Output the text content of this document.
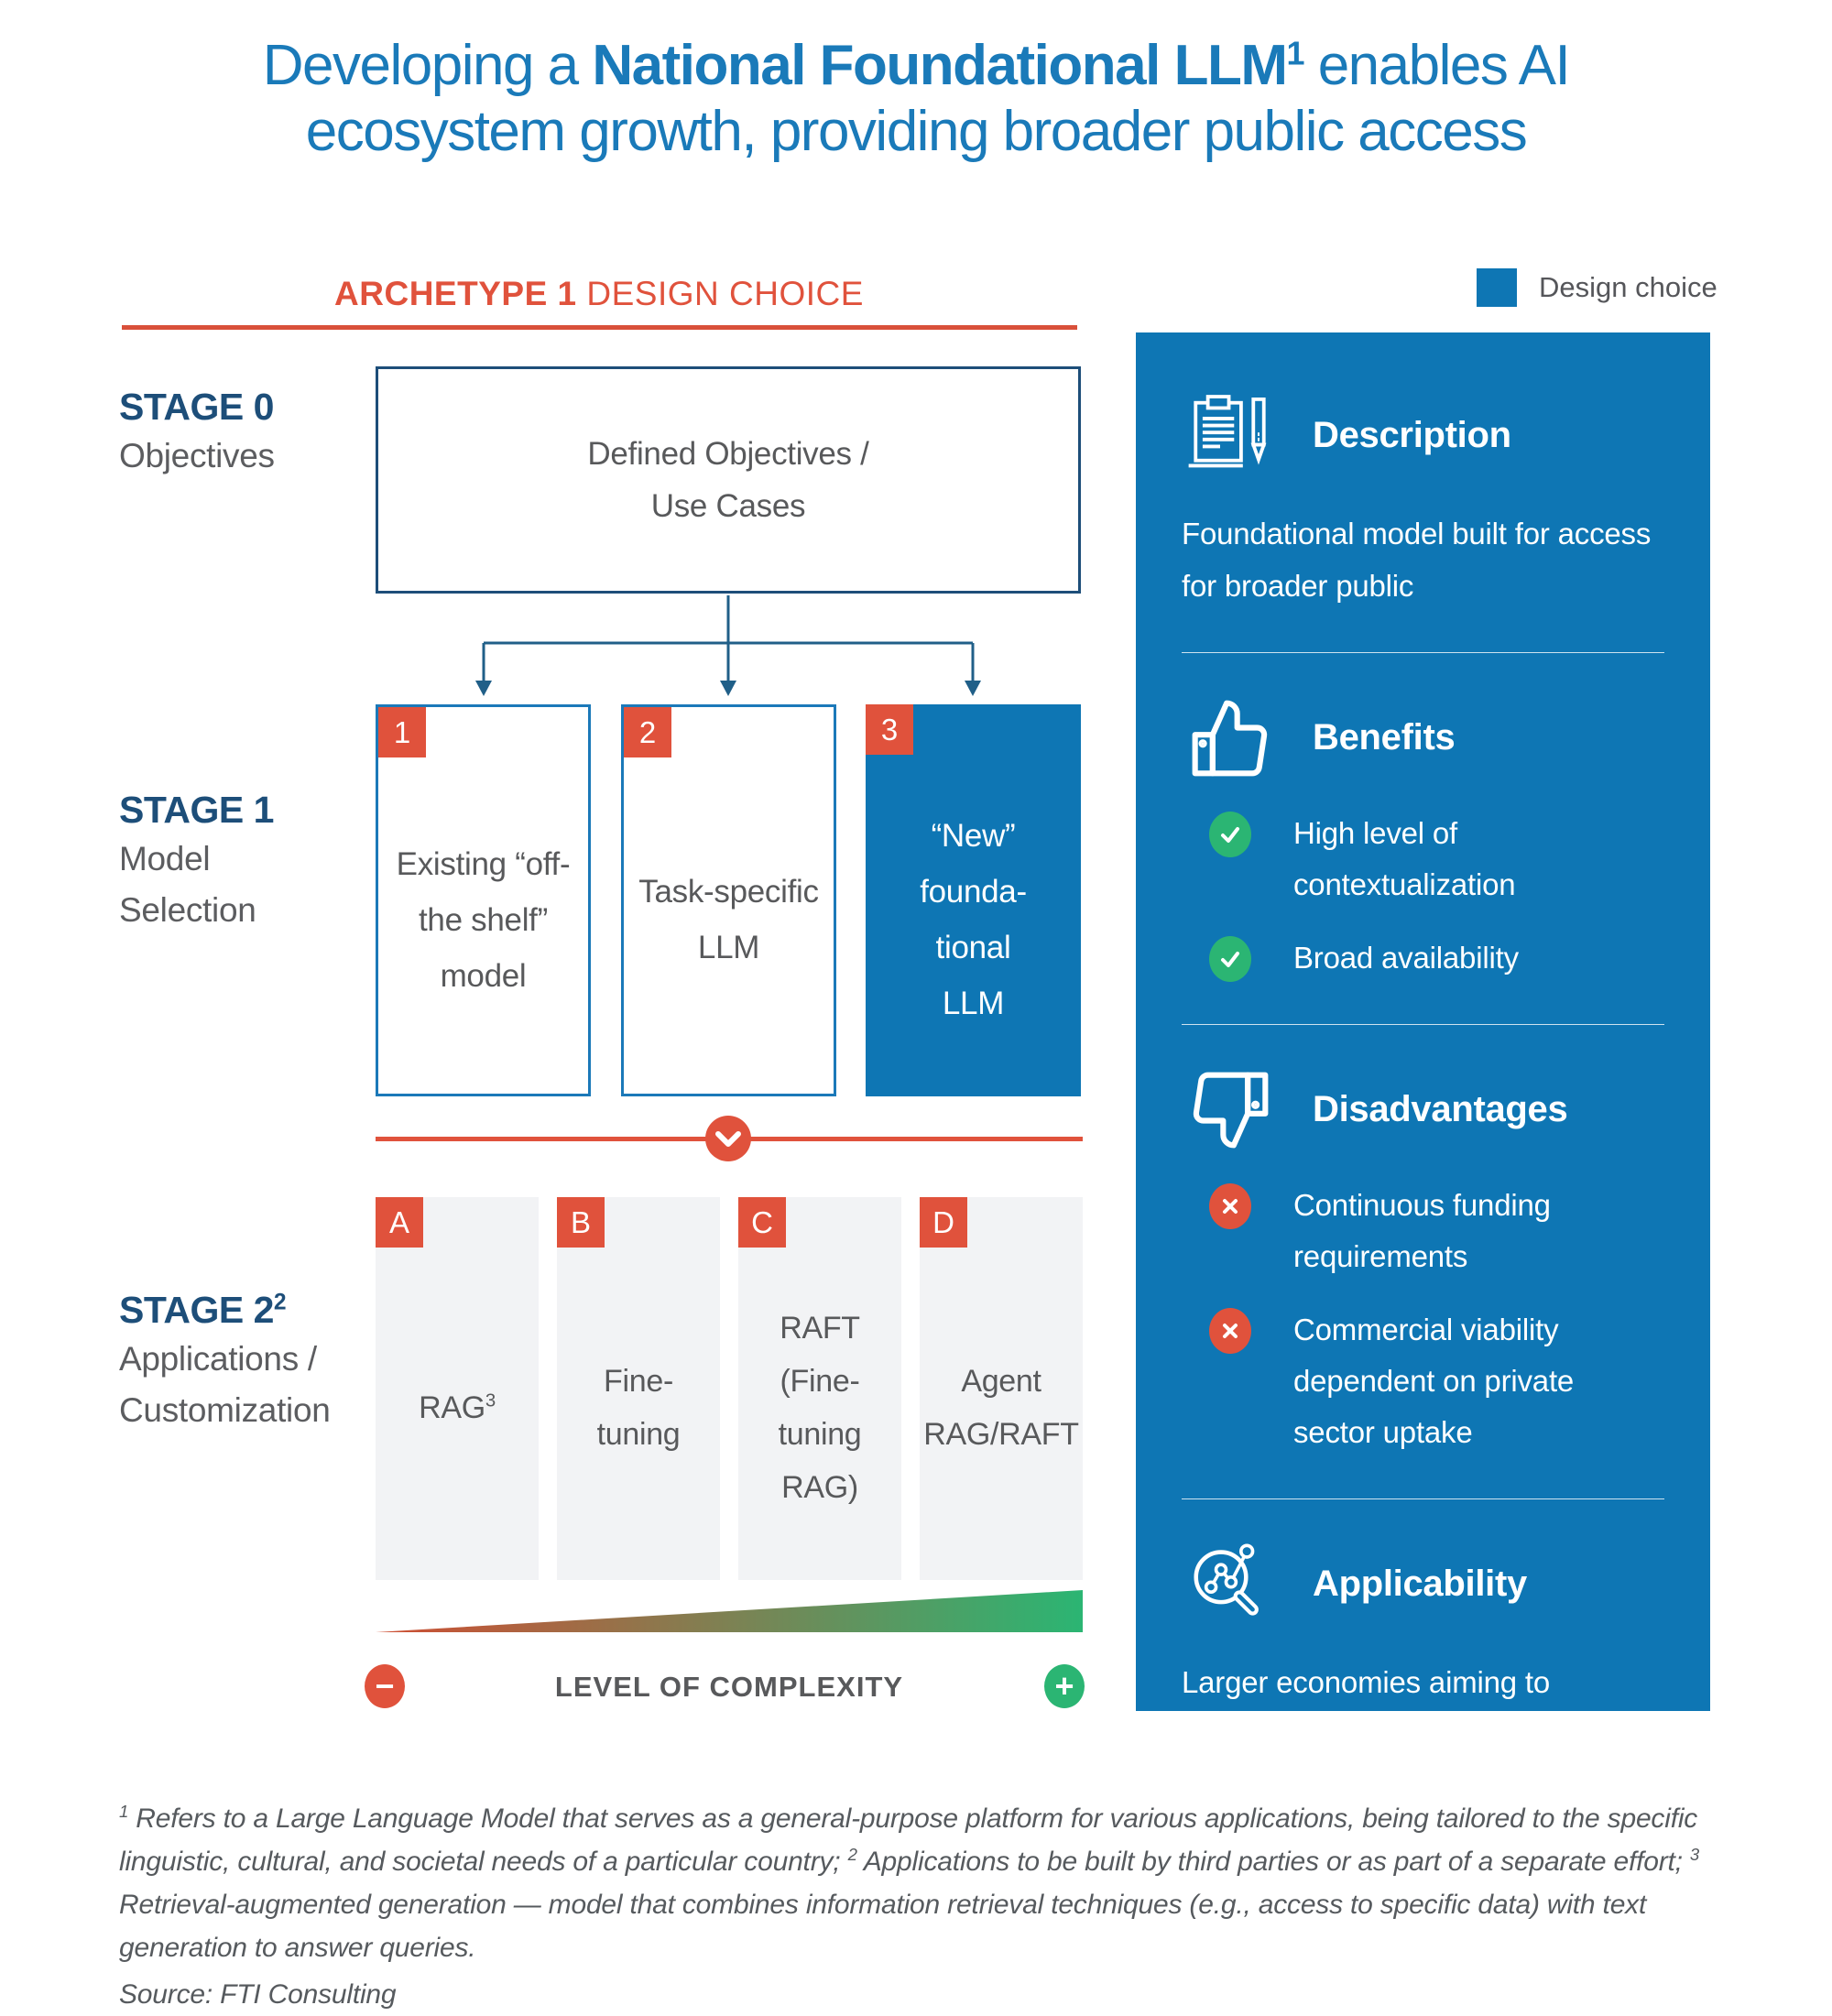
Developing a National Foundational LLM$^1$ enables AI
ecosystem growth, providing broader public access
ARCHETYPE 1 DESIGN CHOICE	Design choice
STAGE 0
Objectives
STAGE 1
Model
Selection
STAGE $2^2$
Applications /
Customization
Defined Objectives /
Use Cases
1
Existing “off-
the shelf”
model
2
Task-specific
LLM
3
“New”
founda-
tional
LLM
A
RAG$^3$
B
Fine-
tuning
C
RAFT
(Fine-
tuning
RAG)
D
Agent
RAG/RAFT
−	LEVEL OF COMPLEXITY	+
Description

Foundational model built for access for broader public

Benefits
High level of contextualization
Broad availability
Disadvantages
Continuous funding requirements
Commercial viability dependent on private sector uptake
Applicability

Larger economies aiming to stimulate (private) AI ecosystem

$^1$ Refers to a Large Language Model that serves as a general-purpose platform for various applications, being tailored to the specific linguistic, cultural, and societal needs of a particular country; $^2$ Applications to be built by third parties or as part of a separate effort; $^3$ Retrieval-augmented generation — model that combines information retrieval techniques (e.g., access to specific data) with text generation to answer queries.

Source: FTI Consulting
